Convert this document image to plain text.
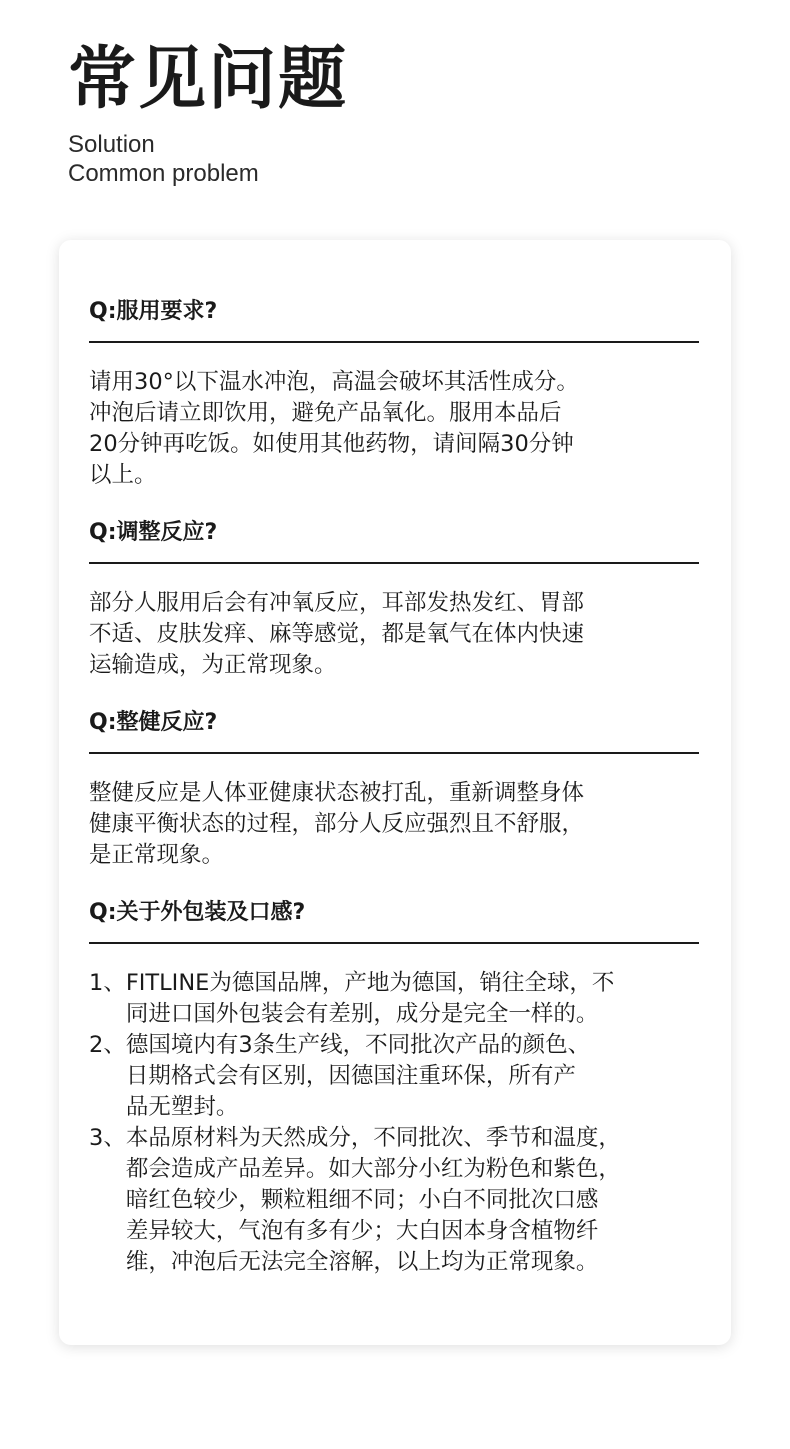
常见问题
Solution
Common problem
Q:服用要求?
请用30°以下温水冲泡，高温会破坏其活性成分。
冲泡后请立即饮用，避免产品氧化。服用本品后
20分钟再吃饭。如使用其他药物，请间隔30分钟
以上。
Q:调整反应?
部分人服用后会有冲氧反应，耳部发热发红、胃部
不适、皮肤发痒、麻等感觉，都是氧气在体内快速
运输造成，为正常现象。
Q:整健反应?
整健反应是人体亚健康状态被打乱，重新调整身体
健康平衡状态的过程，部分人反应强烈且不舒服，
是正常现象。
Q:关于外包装及口感?
1、 FITLINE为德国品牌，产地为德国，销往全球，不
同进口国外包装会有差别，成分是完全一样的。
2、 德国境内有3条生产线，不同批次产品的颜色、
日期格式会有区别，因德国注重环保，所有产
品无塑封。
3、 本品原材料为天然成分，不同批次、季节和温度，
都会造成产品差异。如大部分小红为粉色和紫色，
暗红色较少，颗粒粗细不同；小白不同批次口感
差异较大，气泡有多有少；大白因本身含植物纤
维，冲泡后无法完全溶解，以上均为正常现象。
